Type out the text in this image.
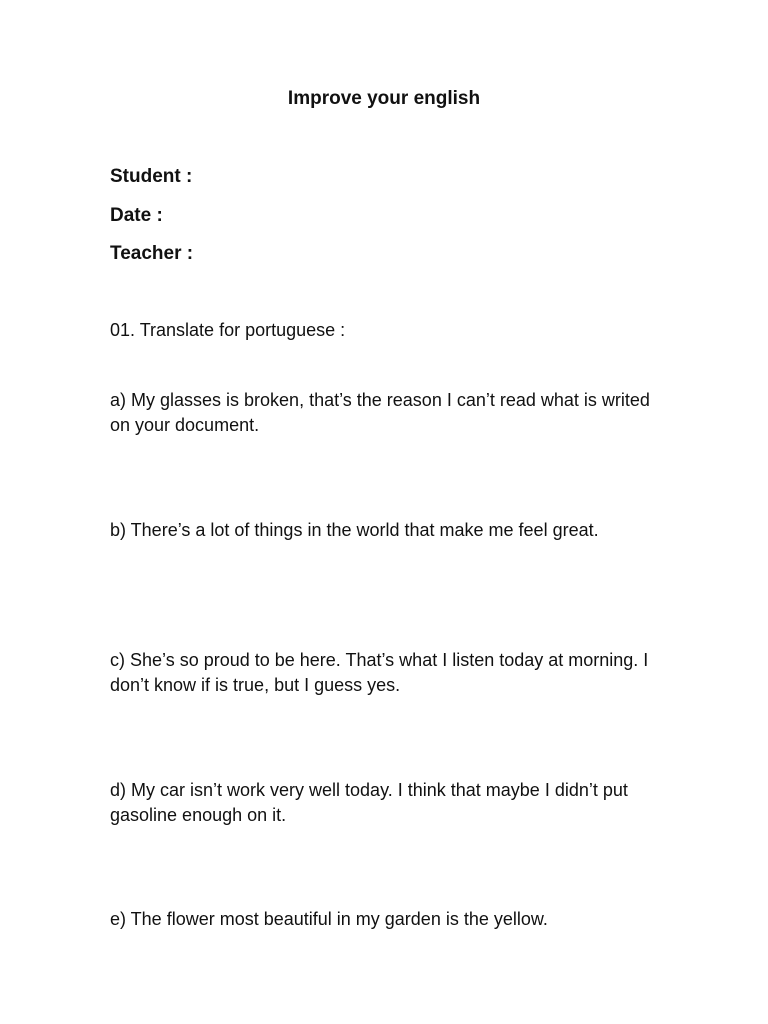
Improve your english
Student :
Date :
Teacher :
01. Translate for portuguese :
a) My glasses is broken, that’s the reason I can’t read what is writed on your document.
b) There’s a lot of things in the world that make me feel great.
c) She’s so proud to be here. That’s what I listen today at morning. I don’t know if is true, but I guess yes.
d) My car isn’t work very well today. I think that maybe I didn’t put gasoline enough on it.
e) The flower most beautiful in my garden is the yellow.
